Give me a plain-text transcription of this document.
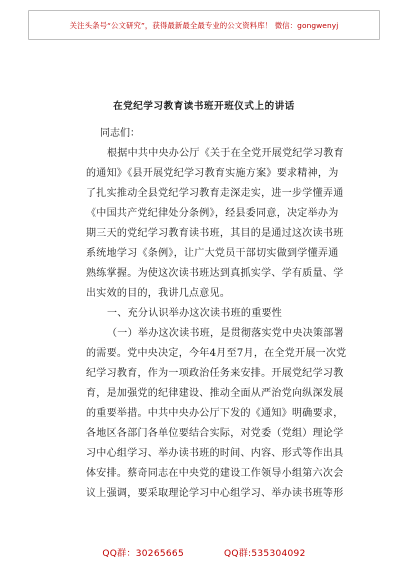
关注头条号“公文研究”，获得最新最全最专业的公文资料库！ 微信：gongwenyj
在党纪学习教育读书班开班仪式上的讲话
同志们：
根据中共中央办公厅《关于在全党开展党纪学习教育
的通知》《县开展党纪学习教育实施方案》要求精神，为
了扎实推动全县党纪学习教育走深走实，进一步学懂弄通
《中国共产党纪律处分条例》，经县委同意，决定举办为
期三天的党纪学习教育读书班，其目的是通过这次读书班
系统地学习《条例》，让广大党员干部切实做到学懂弄通
熟练掌握。为使这次读书班达到真抓实学、学有质量、学
出实效的目的，我讲几点意见。
一、充分认识举办这次读书班的重要性
（一）举办这次读书班，是贯彻落实党中央决策部署
的需要。党中央决定，今年4月至7月，在全党开展一次党
纪学习教育，作为一项政治任务来安排。开展党纪学习教
育，是加强党的纪律建设、推动全面从严治党向纵深发展
的重要举措。中共中央办公厅下发的《通知》明确要求，
各地区各部门各单位要结合实际，对党委（党组）理论学
习中心组学习、举办读书班的时间、内容、形式等作出具
体安排。蔡奇同志在中央党的建设工作领导小组第六次会
议上强调，要采取理论学习中心组学习、举办读书班等形
QQ群：30265665	QQ群:535304092
